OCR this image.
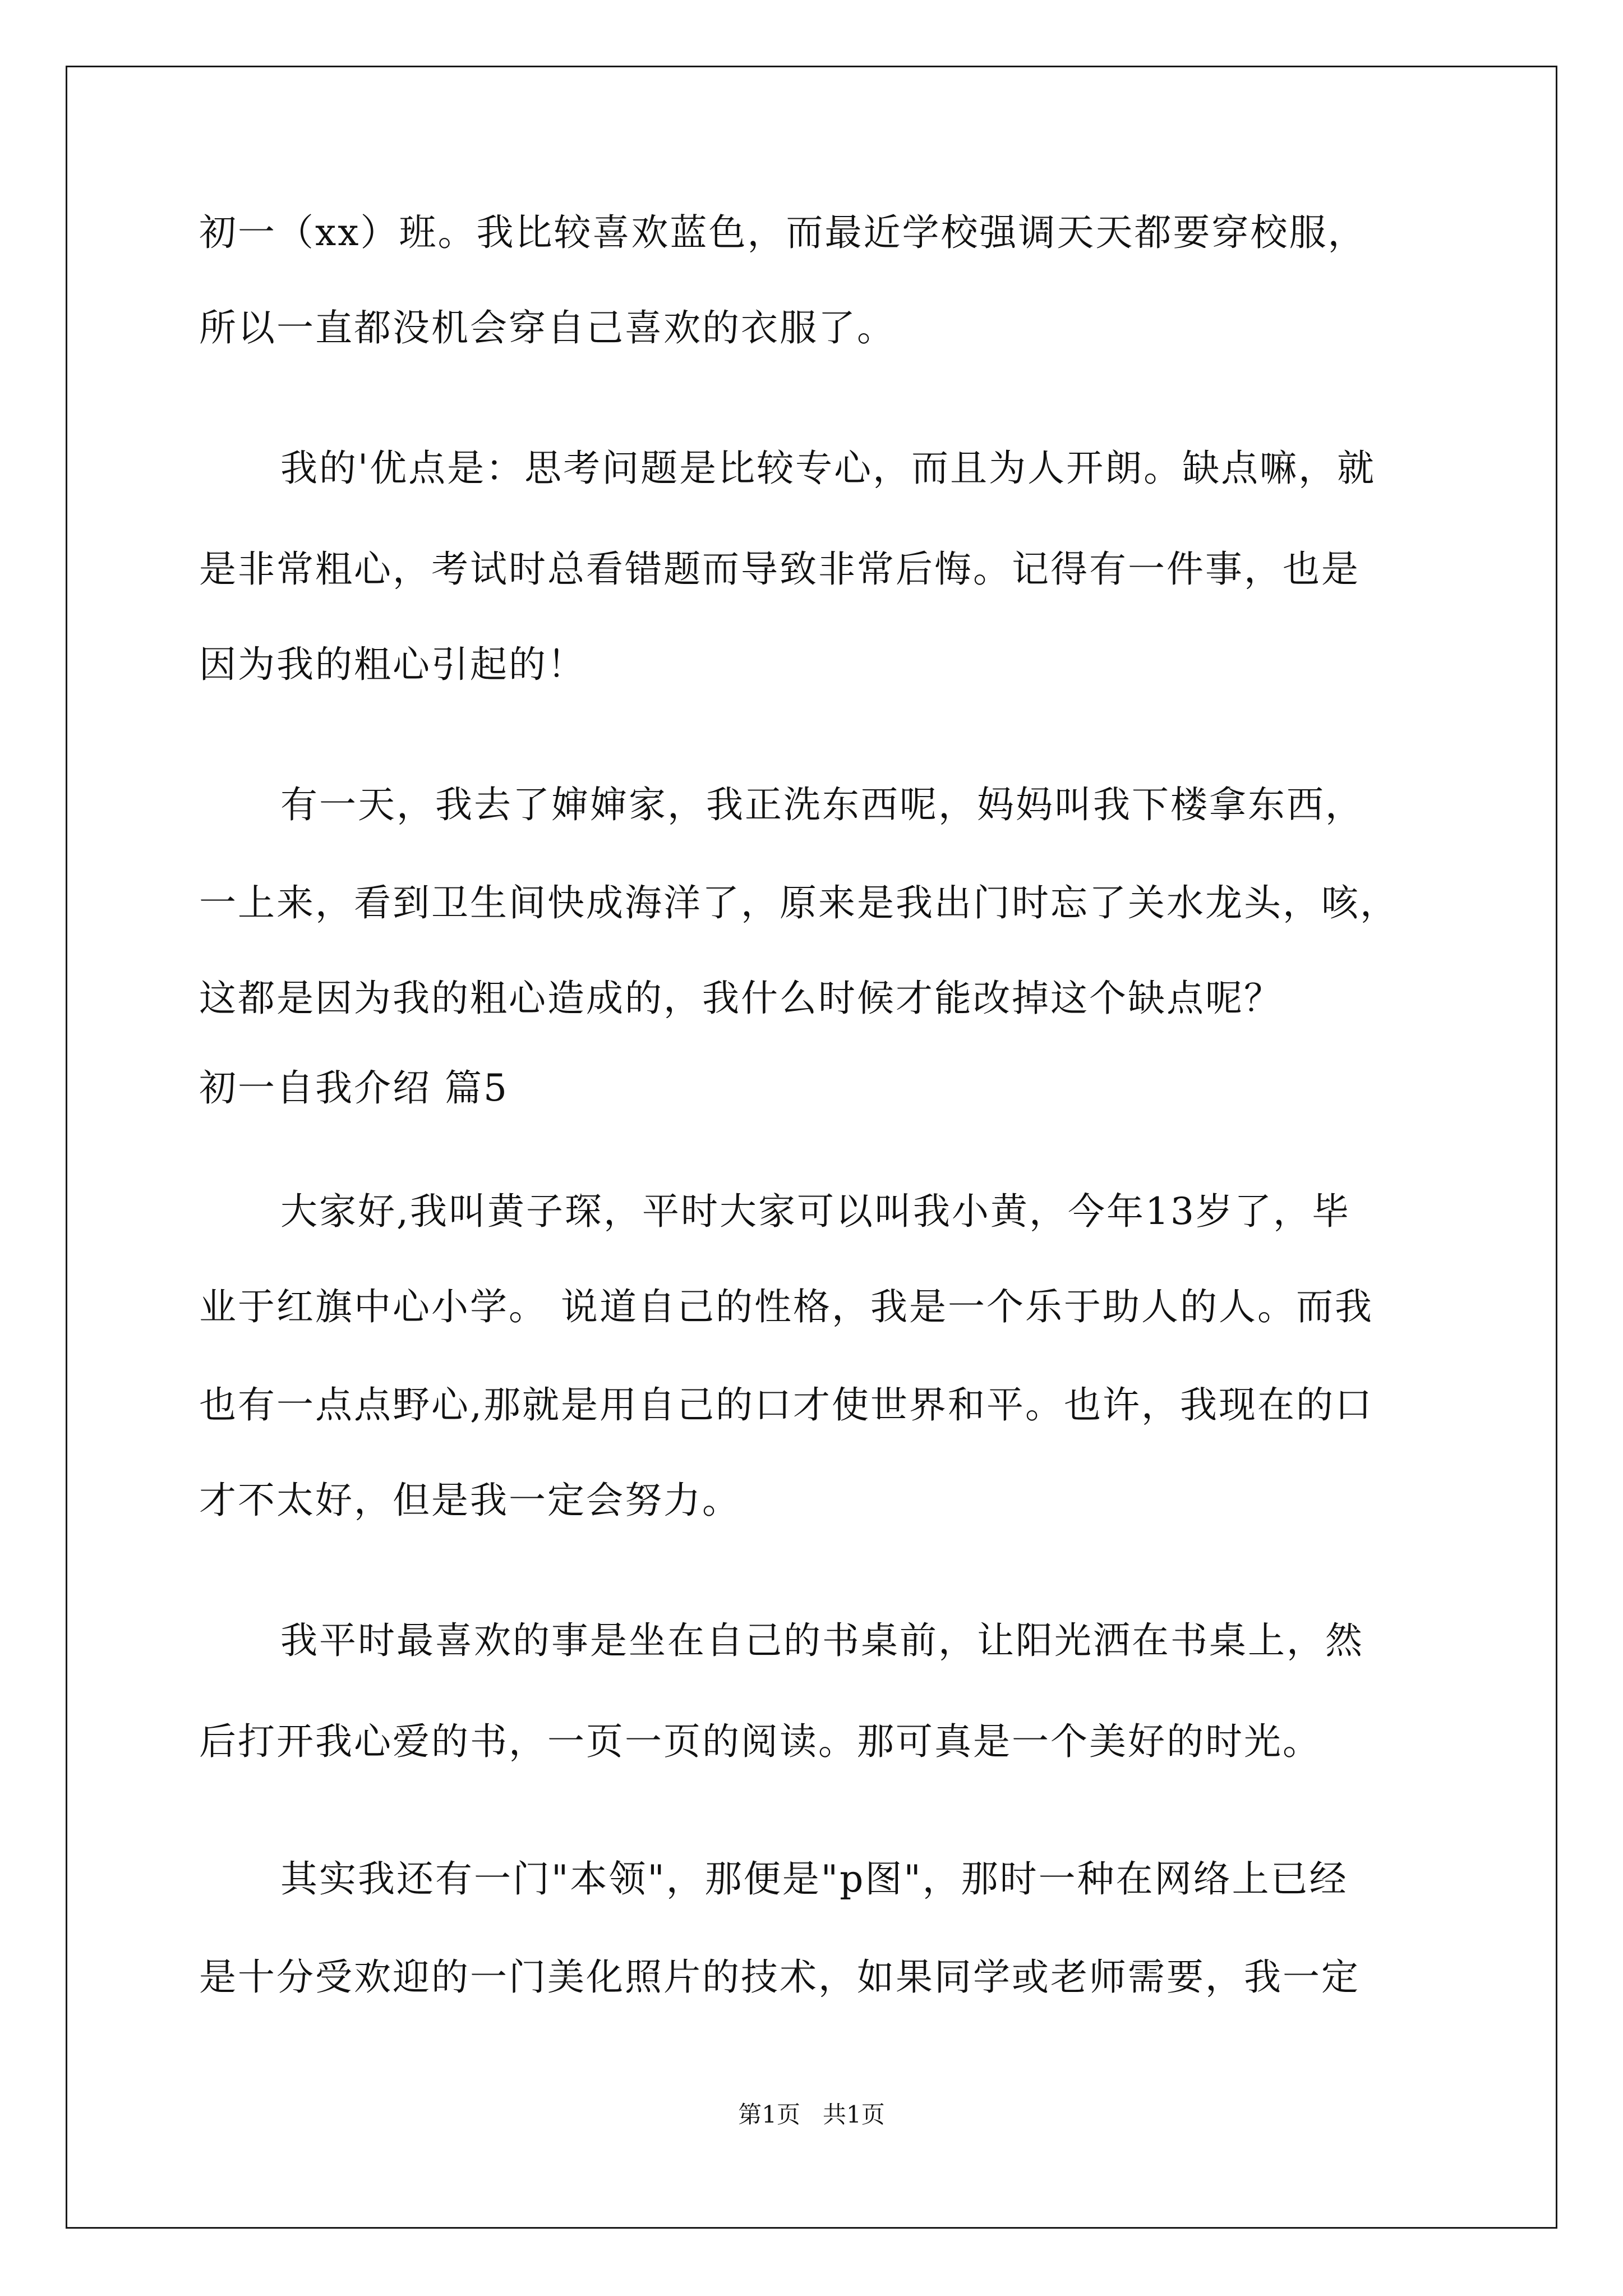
初一（xx）班。我比较喜欢蓝色，而最近学校强调天天都要穿校服，
所以一直都没机会穿自己喜欢的衣服了。
我的'优点是：思考问题是比较专心，而且为人开朗。缺点嘛，就
是非常粗心，考试时总看错题而导致非常后悔。记得有一件事，也是
因为我的粗心引起的！
有一天，我去了婶婶家，我正洗东西呢，妈妈叫我下楼拿东西，
一上来，看到卫生间快成海洋了，原来是我出门时忘了关水龙头，咳，
这都是因为我的粗心造成的，我什么时候才能改掉这个缺点呢？
初一自我介绍 篇5
大家好,我叫黄子琛，平时大家可以叫我小黄，今年13岁了，毕
业于红旗中心小学。 说道自己的性格，我是一个乐于助人的人。而我
也有一点点野心,那就是用自己的口才使世界和平。也许，我现在的口
才不太好，但是我一定会努力。
我平时最喜欢的事是坐在自己的书桌前，让阳光洒在书桌上，然
后打开我心爱的书，一页一页的阅读。那可真是一个美好的时光。
其实我还有一门"本领"，那便是"p图"，那时一种在网络上已经
是十分受欢迎的一门美化照片的技术，如果同学或老师需要，我一定
第1页   共1页
